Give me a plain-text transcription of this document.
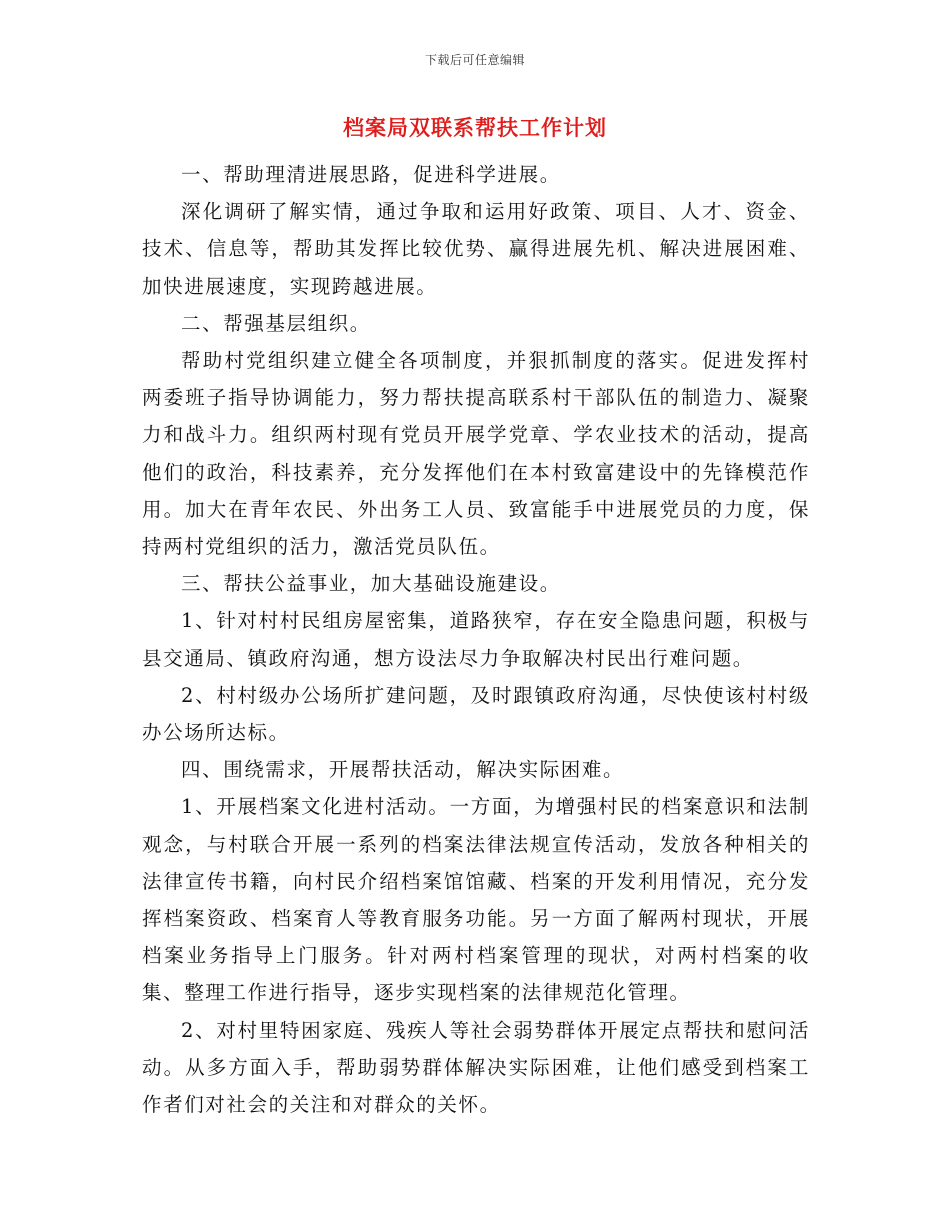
下载后可任意编辑
档案局双联系帮扶工作计划

一、帮助理清进展思路，促进科学进展。

深化调研了解实情，通过争取和运用好政策、项目、人才、资金、技术、信息等，帮助其发挥比较优势、赢得进展先机、解决进展困难、加快进展速度，实现跨越进展。

二、帮强基层组织。

帮助村党组织建立健全各项制度，并狠抓制度的落实。促进发挥村两委班子指导协调能力，努力帮扶提高联系村干部队伍的制造力、凝聚力和战斗力。组织两村现有党员开展学党章、学农业技术的活动，提高他们的政治，科技素养，充分发挥他们在本村致富建设中的先锋模范作用。加大在青年农民、外出务工人员、致富能手中进展党员的力度，保持两村党组织的活力，激活党员队伍。

三、帮扶公益事业，加大基础设施建设。

1、针对村村民组房屋密集，道路狭窄，存在安全隐患问题，积极与县交通局、镇政府沟通，想方设法尽力争取解决村民出行难问题。

2、村村级办公场所扩建问题，及时跟镇政府沟通，尽快使该村村级办公场所达标。

四、围绕需求，开展帮扶活动，解决实际困难。

1、开展档案文化进村活动。一方面，为增强村民的档案意识和法制观念，与村联合开展一系列的档案法律法规宣传活动，发放各种相关的法律宣传书籍，向村民介绍档案馆馆藏、档案的开发利用情况，充分发挥档案资政、档案育人等教育服务功能。另一方面了解两村现状，开展档案业务指导上门服务。针对两村档案管理的现状，对两村档案的收集、整理工作进行指导，逐步实现档案的法律规范化管理。

2、对村里特困家庭、残疾人等社会弱势群体开展定点帮扶和慰问活动。从多方面入手，帮助弱势群体解决实际困难，让他们感受到档案工作者们对社会的关注和对群众的关怀。
